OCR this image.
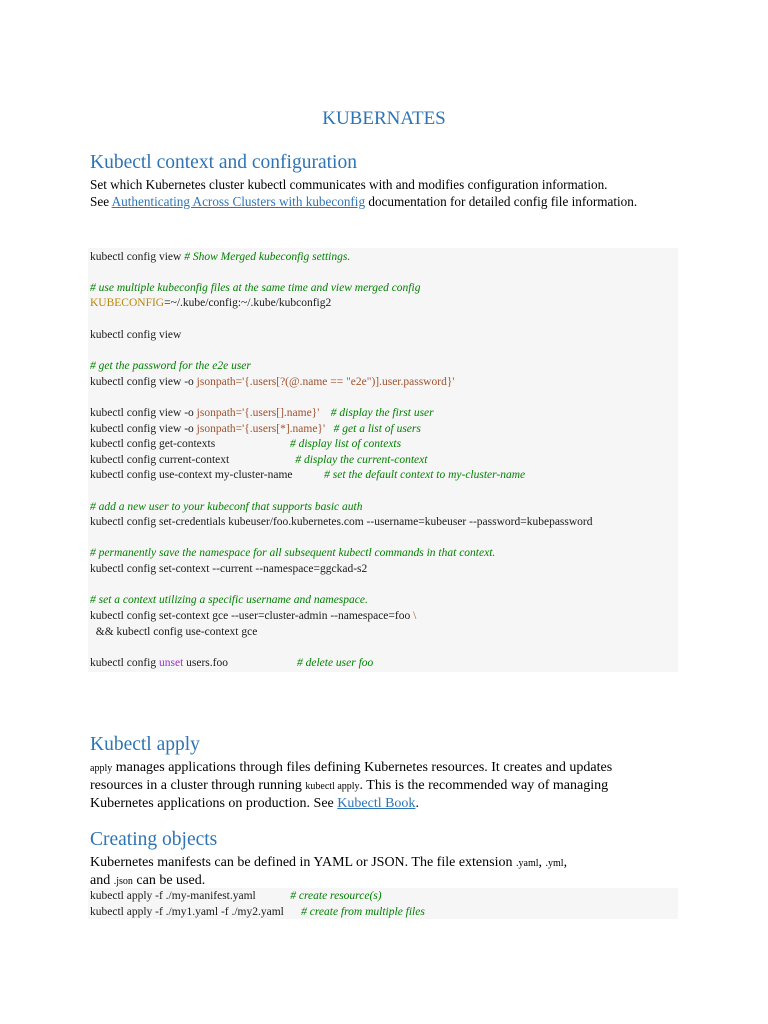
KUBERNATES
Kubectl context and configuration

Set which Kubernetes cluster kubectl communicates with and modifies configuration information.

See Authenticating Across Clusters with kubeconfig documentation for detailed config file information.

kubectl config view # Show Merged kubeconfig settings.
# use multiple kubeconfig files at the same time and view merged config
KUBECONFIG=~/.kube/config:~/.kube/kubconfig2
kubectl config view
# get the password for the e2e user
kubectl config view -o jsonpath='{.users[?(@.name == "e2e")].user.password}'
kubectl config view -o jsonpath='{.users[].name}'    # display the first user
kubectl config view -o jsonpath='{.users[*].name}'   # get a list of users
kubectl config get-contexts                          # display list of contexts
kubectl config current-context                       # display the current-context
kubectl config use-context my-cluster-name           # set the default context to my-cluster-name
# add a new user to your kubeconf that supports basic auth
kubectl config set-credentials kubeuser/foo.kubernetes.com --username=kubeuser --password=kubepassword
# permanently save the namespace for all subsequent kubectl commands in that context.
kubectl config set-context --current --namespace=ggckad-s2
# set a context utilizing a specific username and namespace.
kubectl config set-context gce --user=cluster-admin --namespace=foo \
&& kubectl config use-context gce
kubectl config unset users.foo                        # delete user foo
Kubectl apply

apply manages applications through files defining Kubernetes resources. It creates and updates

resources in a cluster through running kubectl apply. This is the recommended way of managing

Kubernetes applications on production. See Kubectl Book.

Creating objects

Kubernetes manifests can be defined in YAML or JSON. The file extension .yaml, .yml,

and .json can be used.

kubectl apply -f ./my-manifest.yaml            # create resource(s)
kubectl apply -f ./my1.yaml -f ./my2.yaml      # create from multiple files
